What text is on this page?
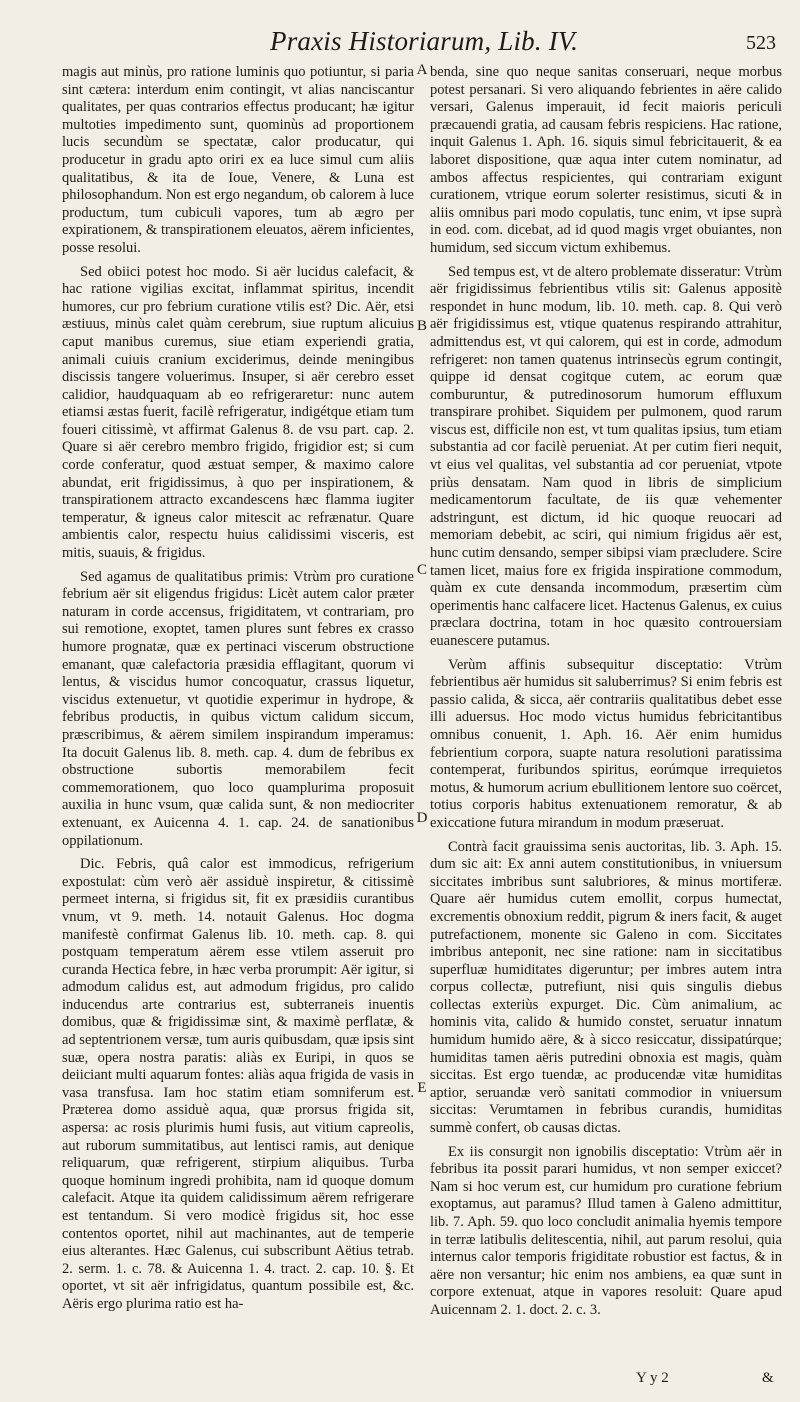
Praxis Historiarum, Lib. IV.	523

magis aut minùs, pro ratione luminis quo potiuntur, si paria sint cætera: interdum enim contingit, vt alias nanciscantur qualitates, per quas contrarios effectus producant; hæ igitur multoties impedimento sunt, quominùs ad proportionem lucis secundùm se spectatæ, calor producatur, qui producetur in gradu apto oriri ex ea luce simul cum aliis qualitatibus, & ita de Ioue, Venere, & Luna est philosophandum. Non est ergo negandum, ob calorem à luce productum, tum cubiculi vapores, tum ab ægro per expirationem, & transpirationem eleuatos, aërem inficientes, posse resolui.

Sed obiici potest hoc modo. Si aër lucidus calefacit, & hac ratione vigilias excitat, inflammat spiritus, incendit humores, cur pro febrium curatione vtilis est? Dic. Aër, etsi æstiuus, minùs calet quàm cerebrum, siue ruptum alicuius caput manibus curemus, siue etiam experiendi gratia, animali cuiuis cranium exciderimus, deinde meningibus discissis tangere voluerimus. Insuper, si aër cerebro esset calidior, haudquaquam ab eo refrigeraretur: nunc autem etiamsi æstas fuerit, facilè refrigeratur, indigétque etiam tum foueri citissimè, vt affirmat Galenus 8. de vsu part. cap. 2. Quare si aër cerebro membro frigido, frigidior est; si cum corde conferatur, quod æstuat semper, & maximo calore abundat, erit frigidissimus, à quo per inspirationem, & transpirationem attracto excandescens hæc flamma iugiter temperatur, & igneus calor mitescit ac refrænatur. Quare ambientis calor, respectu huius calidissimi visceris, est mitis, suauis, & frigidus.

Sed agamus de qualitatibus primis: Vtrùm pro curatione febrium aër sit eligendus frigidus: Licèt autem calor præter naturam in corde accensus, frigiditatem, vt contrariam, pro sui remotione, exoptet, tamen plures sunt febres ex crasso humore prognatæ, quæ ex pertinaci viscerum obstructione emanant, quæ calefactoria præsidia efflagitant, quorum vi lentus, & viscidus humor concoquatur, crassus liquetur, viscidus extenuetur, vt quotidie experimur in hydrope, & febribus productis, in quibus victum calidum siccum, præscribimus, & aërem similem inspirandum imperamus: Ita docuit Galenus lib. 8. meth. cap. 4. dum de febribus ex obstructione subortis memorabilem fecit commemorationem, quo loco quamplurima proposuit auxilia in hunc vsum, quæ calida sunt, & non mediocriter extenuant, ex Auicenna 4. 1. cap. 24. de sanationibus oppilationum.

Dic. Febris, quâ calor est immodicus, refrigerium expostulat: cùm verò aër assiduè inspiretur, & citissimè permeet interna, si frigidus sit, fit ex præsidiis curantibus vnum, vt 9. meth. 14. notauit Galenus. Hoc dogma manifestè confirmat Galenus lib. 10. meth. cap. 8. qui postquam temperatum aërem esse vtilem asseruit pro curanda Hectica febre, in hæc verba prorumpit: Aër igitur, si admodum calidus est, aut admodum frigidus, pro calido inducendus arte contrarius est, subterraneis inuentis domibus, quæ & frigidissimæ sint, & maximè perflatæ, & ad septentrionem versæ, tum auris quibusdam, quæ ipsis sint suæ, opera nostra paratis: aliàs ex Euripi, in quos se deiiciant multi aquarum fontes: aliàs aqua frigida de vasis in vasa transfusa. Iam hoc statim etiam somniferum est. Præterea domo assiduè aqua, quæ prorsus frigida sit, aspersa: ac rosis plurimis humi fusis, aut vitium capreolis, aut ruborum summitatibus, aut lentisci ramis, aut denique reliquarum, quæ refrigerent, stirpium aliquibus. Turba quoque hominum ingredi prohibita, nam id quoque domum calefacit. Atque ita quidem calidissimum aërem refrigerare est tentandum. Si vero modicè frigidus sit, hoc esse contentos oportet, nihil aut machinantes, aut de temperie eius alterantes. Hæc Galenus, cui subscribunt Aëtius tetrab. 2. serm. 1. c. 78. & Auicenna 1. 4. tract. 2. cap. 10. §. Et oportet, vt sit aër infrigidatus, quantum possibile est, &c. Aëris ergo plurima ratio est ha-

A
B
C
D
E

benda, sine quo neque sanitas conseruari, neque morbus potest persanari. Si vero aliquando febrientes in aëre calido versari, Galenus imperauit, id fecit maioris periculi præcauendi gratia, ad causam febris respiciens. Hac ratione, inquit Galenus 1. Aph. 16. siquis simul febricitauerit, & ea laboret dispositione, quæ aqua inter cutem nominatur, ad ambos affectus respicientes, qui contrariam exigunt curationem, vtrique eorum solerter resistimus, sicuti & in aliis omnibus pari modo copulatis, tunc enim, vt ipse suprà in eod. com. dicebat, ad id quod magis vrget obuiantes, non humidum, sed siccum victum exhibemus.

Sed tempus est, vt de altero problemate disseratur: Vtrùm aër frigidissimus febrientibus vtilis sit: Galenus appositè respondet in hunc modum, lib. 10. meth. cap. 8. Qui verò aër frigidissimus est, vtique quatenus respirando attrahitur, admittendus est, vt qui calorem, qui est in corde, admodum refrigeret: non tamen quatenus intrinsecùs egrum contingit, quippe id densat cogitque cutem, ac eorum quæ comburuntur, & putredinosorum humorum effluxum transpirare prohibet. Siquidem per pulmonem, quod rarum viscus est, difficile non est, vt tum qualitas ipsius, tum etiam substantia ad cor facilè perueniat. At per cutim fieri nequit, vt eius vel qualitas, vel substantia ad cor perueniat, vtpote priùs densatam. Nam quod in libris de simplicium medicamentorum facultate, de iis quæ vehementer adstringunt, est dictum, id hic quoque reuocari ad memoriam debebit, ac sciri, qui nimium frigidus aër est, hunc cutim densando, semper sibipsi viam præcludere. Scire tamen licet, maius fore ex frigida inspiratione commodum, quàm ex cute densanda incommodum, præsertim cùm operimentis hanc calfacere licet. Hactenus Galenus, ex cuius præclara doctrina, totam in hoc quæsito controuersiam euanescere putamus.

Verùm affinis subsequitur disceptatio: Vtrùm febrientibus aër humidus sit saluberrimus? Si enim febris est passio calida, & sicca, aër contrariis qualitatibus debet esse illi aduersus. Hoc modo victus humidus febricitantibus omnibus conuenit, 1. Aph. 16. Aër enim humidus febrientium corpora, suapte natura resolutioni paratissima contemperat, furibundos spiritus, eorúmque irrequietos motus, & humorum acrium ebullitionem lentore suo coërcet, totius corporis habitus extenuationem remoratur, & ab exiccatione futura mirandum in modum præseruat.

Contrà facit grauissima senis auctoritas, lib. 3. Aph. 15. dum sic ait: Ex anni autem constitutionibus, in vniuersum siccitates imbribus sunt salubriores, & minus mortiferæ. Quare aër humidus cutem emollit, corpus humectat, excrementis obnoxium reddit, pigrum & iners facit, & auget putrefactionem, monente sic Galeno in com. Siccitates imbribus anteponit, nec sine ratione: nam in siccitatibus superfluæ humiditates digeruntur; per imbres autem intra corpus collectæ, putrefiunt, nisi quis singulis diebus collectas exteriùs expurget. Dic. Cùm animalium, ac hominis vita, calido & humido constet, seruatur innatum humidum humido aëre, & à sicco resiccatur, dissipatúrque; humiditas tamen aëris putredini obnoxia est magis, quàm siccitas. Est ergo tuendæ, ac producendæ vitæ humiditas aptior, seruandæ verò sanitati commodior in vniuersum siccitas: Verumtamen in febribus curandis, humiditas summè confert, ob causas dictas.

Ex iis consurgit non ignobilis disceptatio: Vtrùm aër in febribus ita possit parari humidus, vt non semper exiccet? Nam si hoc verum est, cur humidum pro curatione febrium exoptamus, aut paramus? Illud tamen à Galeno admittitur, lib. 7. Aph. 59. quo loco concludit animalia hyemis tempore in terræ latibulis delitescentia, nihil, aut parum resolui, quia internus calor temporis frigiditate robustior est factus, & in aëre non versantur; hic enim nos ambiens, ea quæ sunt in corpore extenuat, atque in vapores resoluit: Quare apud Auicennam 2. 1. doct. 2. c. 3.

Y y 2	&
